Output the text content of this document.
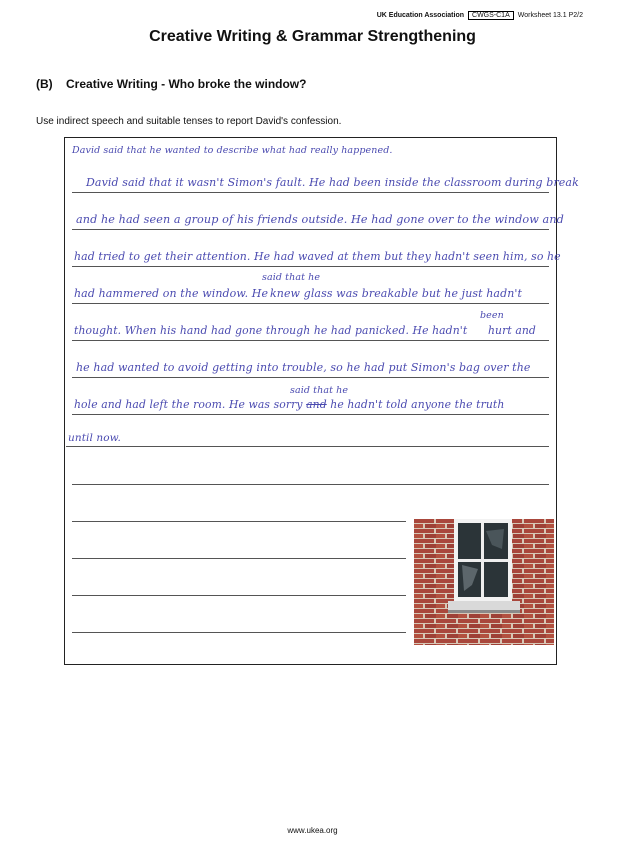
UK Education Association	CWGS-C1A	Worksheet 13.1 P2/2
Creative Writing & Grammar Strengthening
(B) Creative Writing - Who broke the window?
Use indirect speech and suitable tenses to report David's confession.
David said that he wanted to describe what had really happened.
David said that it wasn't Simon's fault. He had been inside the classroom during break
and he had seen a group of his friends outside. He had gone over to the window and
had tried to get their attention. He had waved at them but they hadn't seen him, so he
said that he
had hammered on the window. He knew glass was breakable but he just hadn't
been
thought. When his hand had gone through he had panicked. He hadn't hurt and
he had wanted to avoid getting into trouble, so he had put Simon's bag over the
said that he
hole and had left the room. He was sorry and he hadn't told anyone the truth
until now.
www.ukea.org
